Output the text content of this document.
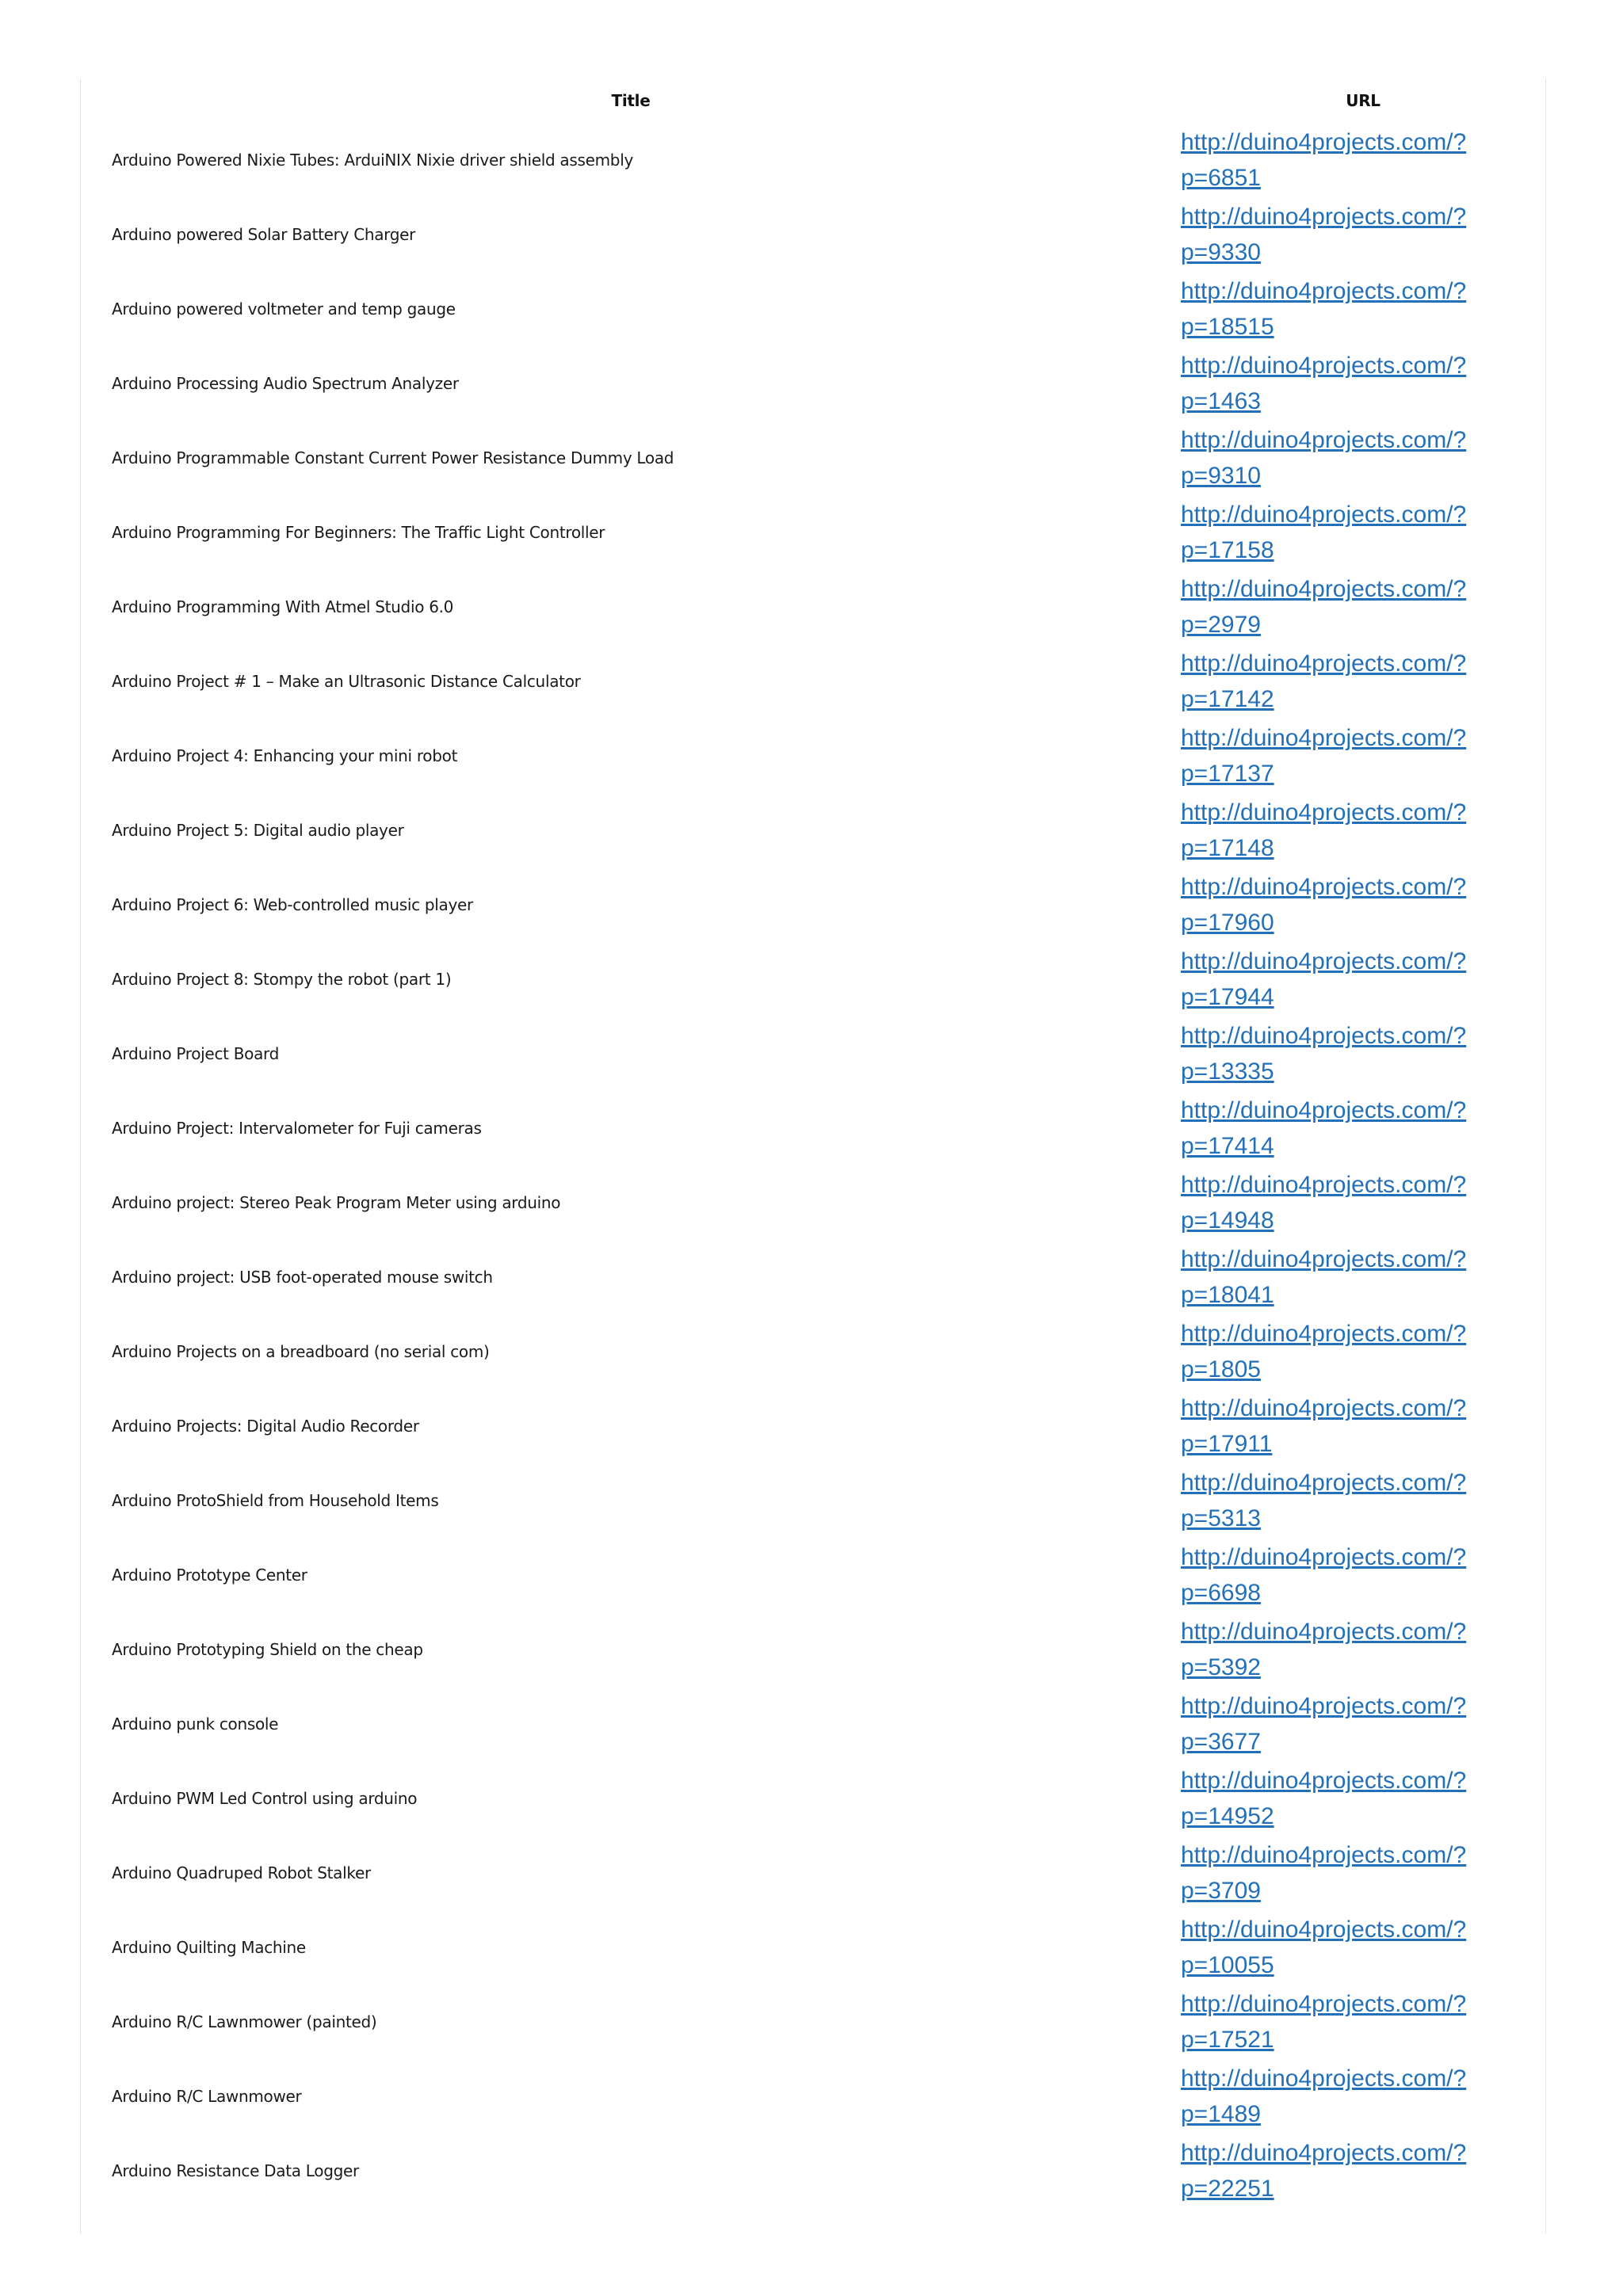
Title	URL
Arduino Powered Nixie Tubes: ArduiNIX Nixie driver shield assembly	http://duino4projects.com/?p=6851

Arduino powered Solar Battery Charger	http://duino4projects.com/?p=9330

Arduino powered voltmeter and temp gauge	http://duino4projects.com/?p=18515

Arduino Processing Audio Spectrum Analyzer	http://duino4projects.com/?p=1463

Arduino Programmable Constant Current Power Resistance Dummy Load	http://duino4projects.com/?p=9310

Arduino Programming For Beginners: The Traffic Light Controller	http://duino4projects.com/?p=17158

Arduino Programming With Atmel Studio 6.0	http://duino4projects.com/?p=2979

Arduino Project # 1 – Make an Ultrasonic Distance Calculator	http://duino4projects.com/?p=17142

Arduino Project 4: Enhancing your mini robot	http://duino4projects.com/?p=17137

Arduino Project 5: Digital audio player	http://duino4projects.com/?p=17148

Arduino Project 6: Web-controlled music player	http://duino4projects.com/?p=17960

Arduino Project 8: Stompy the robot (part 1)	http://duino4projects.com/?p=17944

Arduino Project Board	http://duino4projects.com/?p=13335

Arduino Project: Intervalometer for Fuji cameras	http://duino4projects.com/?p=17414

Arduino project: Stereo Peak Program Meter using arduino	http://duino4projects.com/?p=14948

Arduino project: USB foot-operated mouse switch	http://duino4projects.com/?p=18041

Arduino Projects on a breadboard (no serial com)	http://duino4projects.com/?p=1805

Arduino Projects: Digital Audio Recorder	http://duino4projects.com/?p=17911

Arduino ProtoShield from Household Items	http://duino4projects.com/?p=5313

Arduino Prototype Center	http://duino4projects.com/?p=6698

Arduino Prototyping Shield on the cheap	http://duino4projects.com/?p=5392

Arduino punk console	http://duino4projects.com/?p=3677

Arduino PWM Led Control using arduino	http://duino4projects.com/?p=14952

Arduino Quadruped Robot Stalker	http://duino4projects.com/?p=3709

Arduino Quilting Machine	http://duino4projects.com/?p=10055

Arduino R/C Lawnmower (painted)	http://duino4projects.com/?p=17521

Arduino R/C Lawnmower	http://duino4projects.com/?p=1489

Arduino Resistance Data Logger	http://duino4projects.com/?p=22251
